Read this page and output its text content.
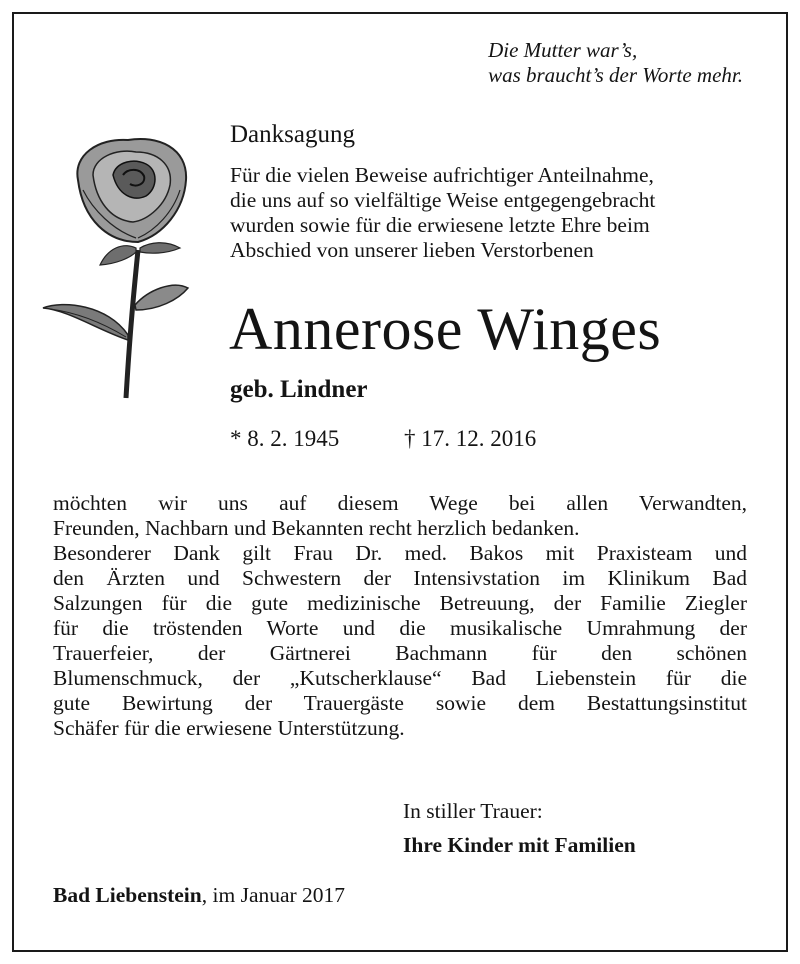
Die Mutter war’s,
was braucht’s der Worte mehr.
Danksagung
Für die vielen Beweise aufrichtiger Anteilnahme,
die uns auf so vielfältige Weise entgegengebracht
wurden sowie für die erwiesene letzte Ehre beim
Abschied von unserer lieben Verstorbenen
Annerose Winges
geb. Lindner
* 8. 2. 1945	† 17. 12. 2016
möchten wir uns auf diesem Wege bei allen Verwandten,
Freunden, Nachbarn und Bekannten recht herzlich bedanken.
Besonderer Dank gilt Frau Dr. med. Bakos mit Praxisteam und
den Ärzten und Schwestern der Intensivstation im Klinikum Bad
Salzungen für die gute medizinische Betreuung, der Familie Ziegler
für die tröstenden Worte und die musikalische Umrahmung der
Trauerfeier, der Gärtnerei Bachmann für den schönen
Blumenschmuck, der „Kutscherklause“ Bad Liebenstein für die
gute Bewirtung der Trauergäste sowie dem Bestattungsinstitut
Schäfer für die erwiesene Unterstützung.
In stiller Trauer:
Ihre Kinder mit Familien
Bad Liebenstein, im Januar 2017
